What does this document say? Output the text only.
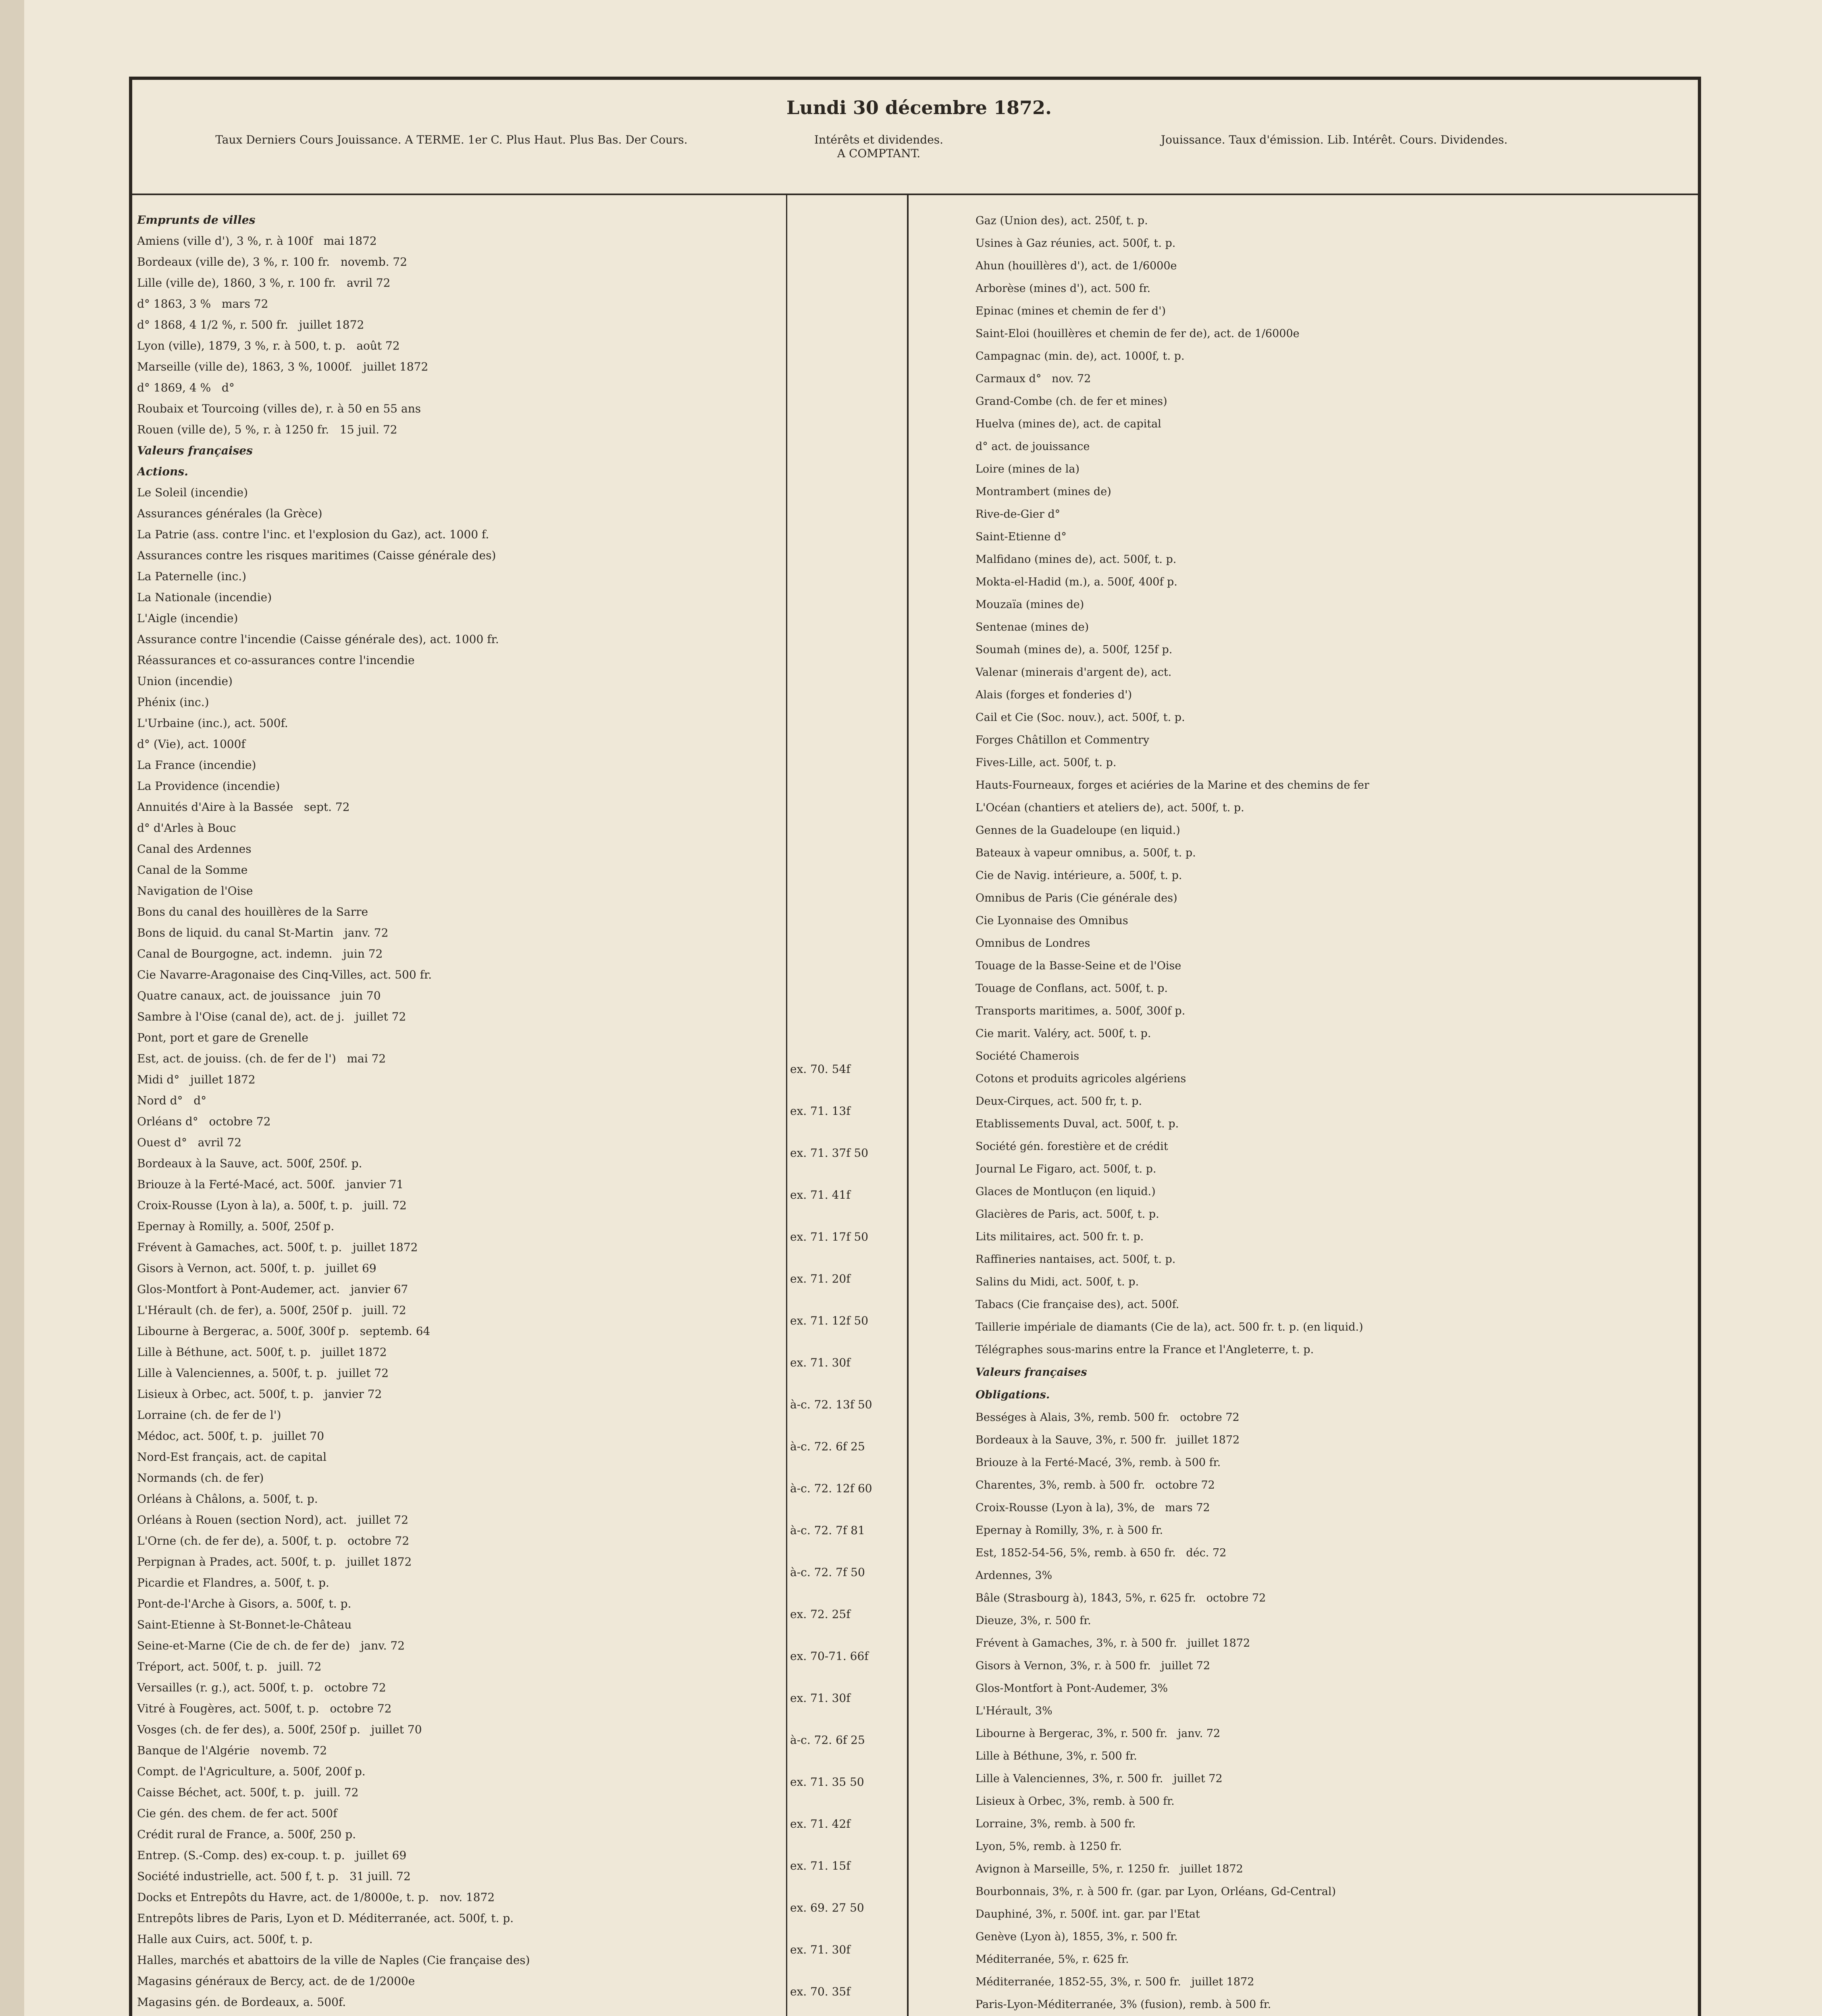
Lundi 30 décembre 1872.
Taux Derniers Cours Jouissance. A TERME. 1er C. Plus Haut. Plus Bas. Der Cours.	Intérêts et dividendes.
A COMPTANT.
Jouissance. Taux d'émission. Lib. Intérêt. Cours. Dividendes.
Emprunts de villes
Amiens (ville d'), 3 %, r. à 100f   mai 1872
Bordeaux (ville de), 3 %, r. 100 fr.   novemb. 72
Lille (ville de), 1860, 3 %, r. 100 fr.   avril 72
d° 1863, 3 %   mars 72
d° 1868, 4 1/2 %, r. 500 fr.   juillet 1872
Lyon (ville), 1879, 3 %, r. à 500, t. p.   août 72
Marseille (ville de), 1863, 3 %, 1000f.   juillet 1872
d° 1869, 4 %   d°
Roubaix et Tourcoing (villes de), r. à 50 en 55 ans
Rouen (ville de), 5 %, r. à 1250 fr.   15 juil. 72
Valeurs françaises
Actions.
Le Soleil (incendie)
Assurances générales (la Grèce)
La Patrie (ass. contre l'inc. et l'explosion du Gaz), act. 1000 f.
Assurances contre les risques maritimes (Caisse générale des)
La Paternelle (inc.)
La Nationale (incendie)
L'Aigle (incendie)
Assurance contre l'incendie (Caisse générale des), act. 1000 fr.
Réassurances et co-assurances contre l'incendie
Union (incendie)
Phénix (inc.)
L'Urbaine (inc.), act. 500f.
d° (Vie), act. 1000f
La France (incendie)
La Providence (incendie)
Annuités d'Aire à la Bassée   sept. 72
d° d'Arles à Bouc
Canal des Ardennes
Canal de la Somme
Navigation de l'Oise
Bons du canal des houillères de la Sarre
Bons de liquid. du canal St-Martin   janv. 72
Canal de Bourgogne, act. indemn.   juin 72
Cie Navarre-Aragonaise des Cinq-Villes, act. 500 fr.
Quatre canaux, act. de jouissance   juin 70
Sambre à l'Oise (canal de), act. de j.   juillet 72
Pont, port et gare de Grenelle
Est, act. de jouiss. (ch. de fer de l')   mai 72
Midi d°   juillet 1872
Nord d°   d°
Orléans d°   octobre 72
Ouest d°   avril 72
Bordeaux à la Sauve, act. 500f, 250f. p.
Briouze à la Ferté-Macé, act. 500f.   janvier 71
Croix-Rousse (Lyon à la), a. 500f, t. p.   juill. 72
Epernay à Romilly, a. 500f, 250f p.
Frévent à Gamaches, act. 500f, t. p.   juillet 1872
Gisors à Vernon, act. 500f, t. p.   juillet 69
Glos-Montfort à Pont-Audemer, act.   janvier 67
L'Hérault (ch. de fer), a. 500f, 250f p.   juill. 72
Libourne à Bergerac, a. 500f, 300f p.   septemb. 64
Lille à Béthune, act. 500f, t. p.   juillet 1872
Lille à Valenciennes, a. 500f, t. p.   juillet 72
Lisieux à Orbec, act. 500f, t. p.   janvier 72
Lorraine (ch. de fer de l')
Médoc, act. 500f, t. p.   juillet 70
Nord-Est français, act. de capital
Normands (ch. de fer)
Orléans à Châlons, a. 500f, t. p.
Orléans à Rouen (section Nord), act.   juillet 72
L'Orne (ch. de fer de), a. 500f, t. p.   octobre 72
Perpignan à Prades, act. 500f, t. p.   juillet 1872
Picardie et Flandres, a. 500f, t. p.
Pont-de-l'Arche à Gisors, a. 500f, t. p.
Saint-Etienne à St-Bonnet-le-Château
Seine-et-Marne (Cie de ch. de fer de)   janv. 72
Tréport, act. 500f, t. p.   juill. 72
Versailles (r. g.), act. 500f, t. p.   octobre 72
Vitré à Fougères, act. 500f, t. p.   octobre 72
Vosges (ch. de fer des), a. 500f, 250f p.   juillet 70
Banque de l'Algérie   novemb. 72
Compt. de l'Agriculture, a. 500f, 200f p.
Caisse Béchet, act. 500f, t. p.   juill. 72
Cie gén. des chem. de fer act. 500f
Crédit rural de France, a. 500f, 250 p.
Entrep. (S.-Comp. des) ex-coup. t. p.   juillet 69
Société industrielle, act. 500 f, t. p.   31 juill. 72
Docks et Entrepôts du Havre, act. de 1/8000e, t. p.   nov. 1872
Entrepôts libres de Paris, Lyon et D. Méditerranée, act. 500f, t. p.
Halle aux Cuirs, act. 500f, t. p.
Halles, marchés et abattoirs de la ville de Naples (Cie française des)
Magasins généraux de Bercy, act. de de 1/2000e
Magasins gén. de Bordeaux, a. 500f.
ex. 70. 54f
ex. 71. 13f
ex. 71. 37f 50
ex. 71. 41f
ex. 71. 17f 50
ex. 71. 20f
ex. 71. 12f 50
ex. 71. 30f
à-c. 72. 13f 50
à-c. 72. 6f 25
à-c. 72. 12f 60
à-c. 72. 7f 81
à-c. 72. 7f 50
ex. 72. 25f
ex. 70-71. 66f
ex. 71. 30f
à-c. 72. 6f 25
ex. 71. 35 50
ex. 71. 42f
ex. 71. 15f
ex. 69. 27 50
ex. 71. 30f
ex. 70. 35f
Gaz (Union des), act. 250f, t. p.
Usines à Gaz réunies, act. 500f, t. p.
Ahun (houillères d'), act. de 1/6000e
Arborèse (mines d'), act. 500 fr.
Epinac (mines et chemin de fer d')
Saint-Eloi (houillères et chemin de fer de), act. de 1/6000e
Campagnac (min. de), act. 1000f, t. p.
Carmaux d°   nov. 72
Grand-Combe (ch. de fer et mines)
Huelva (mines de), act. de capital
d° act. de jouissance
Loire (mines de la)
Montrambert (mines de)
Rive-de-Gier d°
Saint-Etienne d°
Malfidano (mines de), act. 500f, t. p.
Mokta-el-Hadid (m.), a. 500f, 400f p.
Mouzaïa (mines de)
Sentenae (mines de)
Soumah (mines de), a. 500f, 125f p.
Valenar (minerais d'argent de), act.
Alais (forges et fonderies d')
Cail et Cie (Soc. nouv.), act. 500f, t. p.
Forges Châtillon et Commentry
Fives-Lille, act. 500f, t. p.
Hauts-Fourneaux, forges et aciéries de la Marine et des chemins de fer
L'Océan (chantiers et ateliers de), act. 500f, t. p.
Gennes de la Guadeloupe (en liquid.)
Bateaux à vapeur omnibus, a. 500f, t. p.
Cie de Navig. intérieure, a. 500f, t. p.
Omnibus de Paris (Cie générale des)
Cie Lyonnaise des Omnibus
Omnibus de Londres
Touage de la Basse-Seine et de l'Oise
Touage de Conflans, act. 500f, t. p.
Transports maritimes, a. 500f, 300f p.
Cie marit. Valéry, act. 500f, t. p.
Société Chamerois
Cotons et produits agricoles algériens
Deux-Cirques, act. 500 fr, t. p.
Etablissements Duval, act. 500f, t. p.
Société gén. forestière et de crédit
Journal Le Figaro, act. 500f, t. p.
Glaces de Montluçon (en liquid.)
Glacières de Paris, act. 500f, t. p.
Lits militaires, act. 500 fr. t. p.
Raffineries nantaises, act. 500f, t. p.
Salins du Midi, act. 500f, t. p.
Tabacs (Cie française des), act. 500f.
Taillerie impériale de diamants (Cie de la), act. 500 fr. t. p. (en liquid.)
Télégraphes sous-marins entre la France et l'Angleterre, t. p.
Valeurs françaises
Obligations.
Bességes à Alais, 3%, remb. 500 fr.   octobre 72
Bordeaux à la Sauve, 3%, r. 500 fr.   juillet 1872
Briouze à la Ferté-Macé, 3%, remb. à 500 fr.
Charentes, 3%, remb. à 500 fr.   octobre 72
Croix-Rousse (Lyon à la), 3%, de   mars 72
Epernay à Romilly, 3%, r. à 500 fr.
Est, 1852-54-56, 5%, remb. à 650 fr.   déc. 72
Ardennes, 3%
Bâle (Strasbourg à), 1843, 5%, r. 625 fr.   octobre 72
Dieuze, 3%, r. 500 fr.
Frévent à Gamaches, 3%, r. à 500 fr.   juillet 1872
Gisors à Vernon, 3%, r. à 500 fr.   juillet 72
Glos-Montfort à Pont-Audemer, 3%
L'Hérault, 3%
Libourne à Bergerac, 3%, r. 500 fr.   janv. 72
Lille à Béthune, 3%, r. 500 fr.
Lille à Valenciennes, 3%, r. 500 fr.   juillet 72
Lisieux à Orbec, 3%, remb. à 500 fr.
Lorraine, 3%, remb. à 500 fr.
Lyon, 5%, remb. à 1250 fr.
Avignon à Marseille, 5%, r. 1250 fr.   juillet 1872
Bourbonnais, 3%, r. à 500 fr. (gar. par Lyon, Orléans, Gd-Central)
Dauphiné, 3%, r. 500f. int. gar. par l'Etat
Genève (Lyon à), 1855, 3%, r. 500 fr.
Méditerranée, 5%, r. 625 fr.
Méditerranée, 1852-55, 3%, r. 500 fr.   juillet 1872
Paris-Lyon-Méditerranée, 3% (fusion), remb. à 500 fr.
